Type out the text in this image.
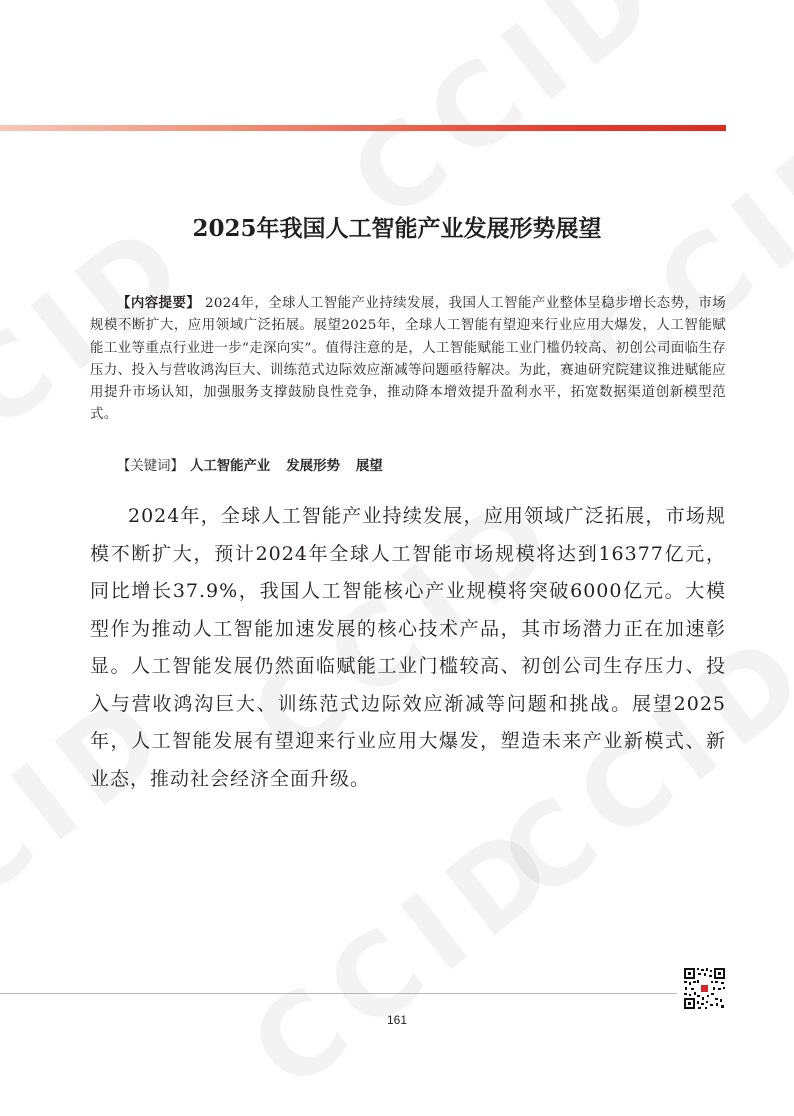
2025年我国人工智能产业发展形势展望

【内容提要】 2024年，全球人工智能产业持续发展，我国人工智能产业整体呈稳步增长态势，市场规模不断扩大，应用领域广泛拓展。展望2025年，全球人工智能有望迎来行业应用大爆发，人工智能赋能工业等重点行业进一步“走深向实”。值得注意的是，人工智能赋能工业门槛仍较高、初创公司面临生存压力、投入与营收鸿沟巨大、训练范式边际效应渐减等问题亟待解决。为此，赛迪研究院建议推进赋能应用提升市场认知，加强服务支撑鼓励良性竞争，推动降本增效提升盈利水平，拓宽数据渠道创新模型范式。

【关键词】 人工智能产业 发展形势 展望

2024年，全球人工智能产业持续发展，应用领域广泛拓展，市场规模不断扩大，预计2024年全球人工智能市场规模将达到16377亿元，同比增长37.9%，我国人工智能核心产业规模将突破6000亿元。大模型作为推动人工智能加速发展的核心技术产品，其市场潜力正在加速彰显。人工智能发展仍然面临赋能工业门槛较高、初创公司生存压力、投入与营收鸿沟巨大、训练范式边际效应渐减等问题和挑战。展望2025年，人工智能发展有望迎来行业应用大爆发，塑造未来产业新模式、新业态，推动社会经济全面升级。

161
